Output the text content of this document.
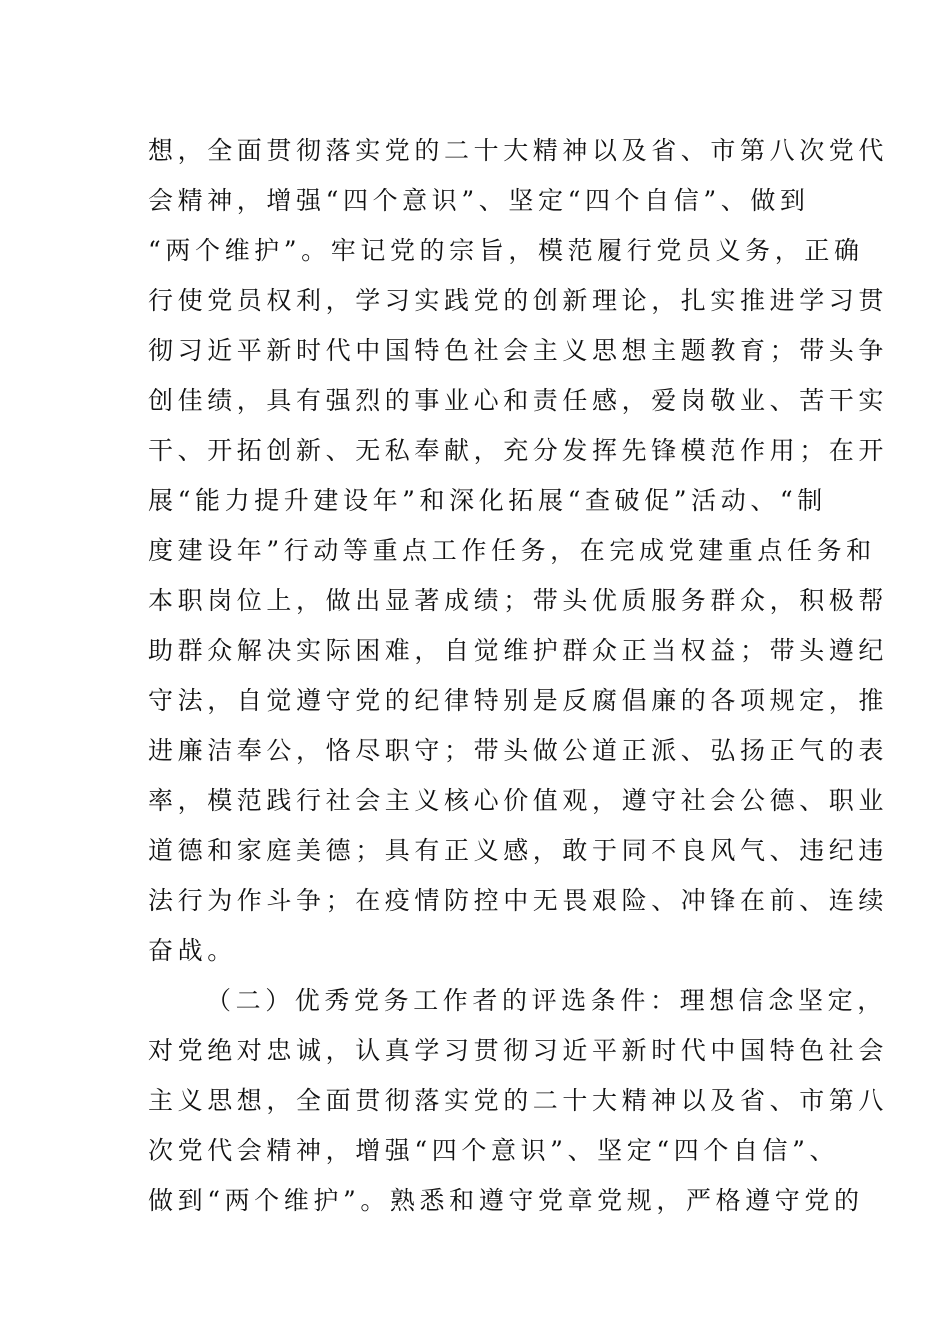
想，全面贯彻落实党的二十大精神以及省、市第八次党代
会精神，增强“四个意识”、坚定“四个自信”、做到
“两个维护”。牢记党的宗旨，模范履行党员义务，正确
行使党员权利，学习实践党的创新理论，扎实推进学习贯
彻习近平新时代中国特色社会主义思想主题教育；带头争
创佳绩，具有强烈的事业心和责任感，爱岗敬业、苦干实
干、开拓创新、无私奉献，充分发挥先锋模范作用；在开
展“能力提升建设年”和深化拓展“查破促”活动、“制
度建设年”行动等重点工作任务，在完成党建重点任务和
本职岗位上，做出显著成绩；带头优质服务群众，积极帮
助群众解决实际困难，自觉维护群众正当权益；带头遵纪
守法，自觉遵守党的纪律特别是反腐倡廉的各项规定，推
进廉洁奉公，恪尽职守；带头做公道正派、弘扬正气的表
率，模范践行社会主义核心价值观，遵守社会公德、职业
道德和家庭美德；具有正义感，敢于同不良风气、违纪违
法行为作斗争；在疫情防控中无畏艰险、冲锋在前、连续
奋战。
（二）优秀党务工作者的评选条件：理想信念坚定，
对党绝对忠诚，认真学习贯彻习近平新时代中国特色社会
主义思想，全面贯彻落实党的二十大精神以及省、市第八
次党代会精神，增强“四个意识”、坚定“四个自信”、
做到“两个维护”。熟悉和遵守党章党规，严格遵守党的
